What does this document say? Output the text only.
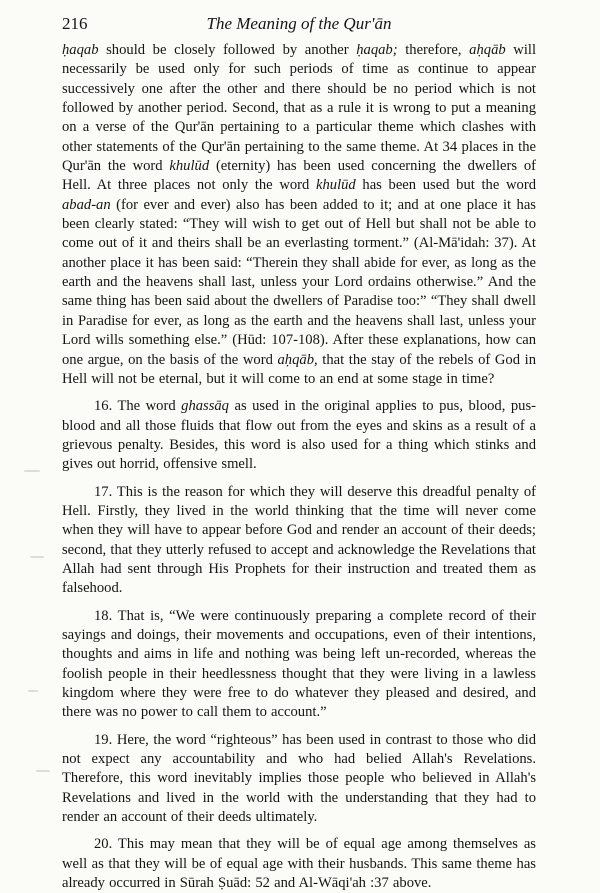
216	The Meaning of the Qur'ān

ḥaqab should be closely followed by another ḥaqab; therefore, aḥqāb will necessarily be used only for such periods of time as continue to appear successively one after the other and there should be no period which is not followed by another period. Second, that as a rule it is wrong to put a meaning on a verse of the Qur'ān pertaining to a particular theme which clashes with other statements of the Qur'ān pertaining to the same theme. At 34 places in the Qur'ān the word khulūd (eternity) has been used concerning the dwellers of Hell. At three places not only the word khulūd has been used but the word abad-an (for ever and ever) also has been added to it; and at one place it has been clearly stated: “They will wish to get out of Hell but shall not be able to come out of it and theirs shall be an everlasting torment.” (Al-Mā'idah: 37). At another place it has been said: “Therein they shall abide for ever, as long as the earth and the heavens shall last, unless your Lord ordains otherwise.” And the same thing has been said about the dwellers of Paradise too:” “They shall dwell in Paradise for ever, as long as the earth and the heavens shall last, unless your Lord wills something else.” (Hūd: 107-108). After these explanations, how can one argue, on the basis of the word aḥqāb, that the stay of the rebels of God in Hell will not be eternal, but it will come to an end at some stage in time?

16. The word ghassāq as used in the original applies to pus, blood, pus-blood and all those fluids that flow out from the eyes and skins as a result of a grievous penalty. Besides, this word is also used for a thing which stinks and gives out horrid, offensive smell.

17. This is the reason for which they will deserve this dreadful penalty of Hell. Firstly, they lived in the world thinking that the time will never come when they will have to appear before God and render an account of their deeds; second, that they utterly refused to accept and acknowledge the Revelations that Allah had sent through His Prophets for their instruction and treated them as falsehood.

18. That is, “We were continuously preparing a complete record of their sayings and doings, their movements and occupations, even of their intentions, thoughts and aims in life and nothing was being left un-recorded, whereas the foolish people in their heedlessness thought that they were living in a lawless kingdom where they were free to do whatever they pleased and desired, and there was no power to call them to account.”

19. Here, the word “righteous” has been used in contrast to those who did not expect any accountability and who had belied Allah's Revelations. Therefore, this word inevitably implies those people who believed in Allah's Revelations and lived in the world with the understanding that they had to render an account of their deeds ultimately.

20. This may mean that they will be of equal age among themselves as well as that they will be of equal age with their husbands. This same theme has already occurred in Sūrah Ṣuād: 52 and Al-Wāqi'ah :37 above.
